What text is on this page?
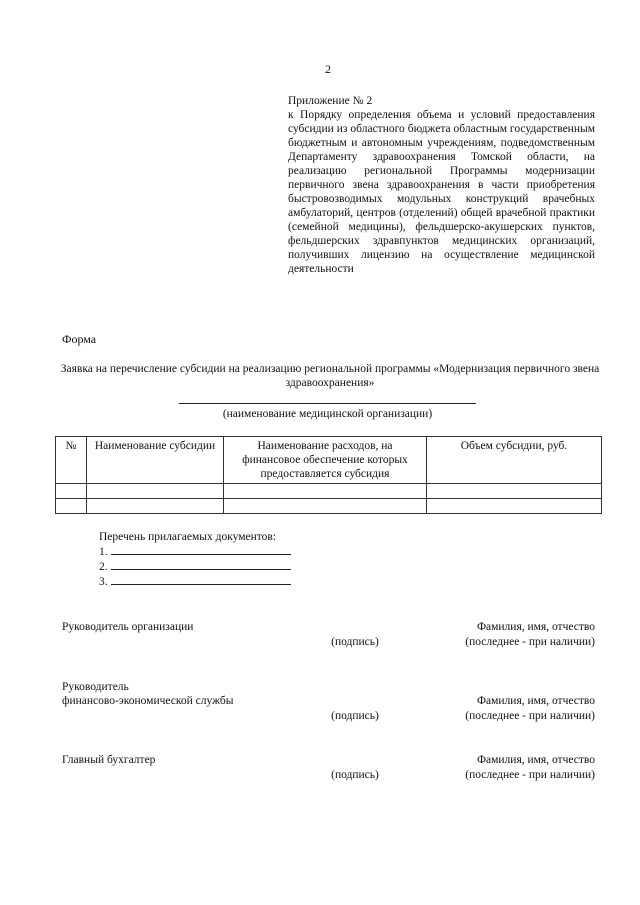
2
Приложение № 2
к Порядку определения объема и условий предоставления субсидии из областного бюджета областным государственным бюджетным и автономным учреждениям, подведомственным Департаменту здравоохранения Томской области, на реализацию региональной Программы модернизации первичного звена здравоохранения в части приобретения быстровозводимых модульных конструкций врачебных амбулаторий, центров (отделений) общей врачебной практики (семейной медицины), фельдшерско-акушерских пунктов, фельдшерских здравпунктов медицинских организаций, получивших лицензию на осуществление медицинской деятельности
Форма
Заявка на перечисление субсидии на реализацию региональной программы «Модернизация первичного звена здравоохранения»
(наименование медицинской организации)
№	Наименование субсидии	Наименование расходов, на финансовое обеспечение которых предоставляется субсидия	Объем субсидии, руб.

Перечень прилагаемых документов:
1.
2.
3.
Руководитель организации
(подпись)
Фамилия, имя, отчество
(последнее - при наличии)
Руководитель
финансово-экономической службы
(подпись)
Фамилия, имя, отчество
(последнее - при наличии)
Главный бухгалтер
(подпись)
Фамилия, имя, отчество
(последнее - при наличии)
